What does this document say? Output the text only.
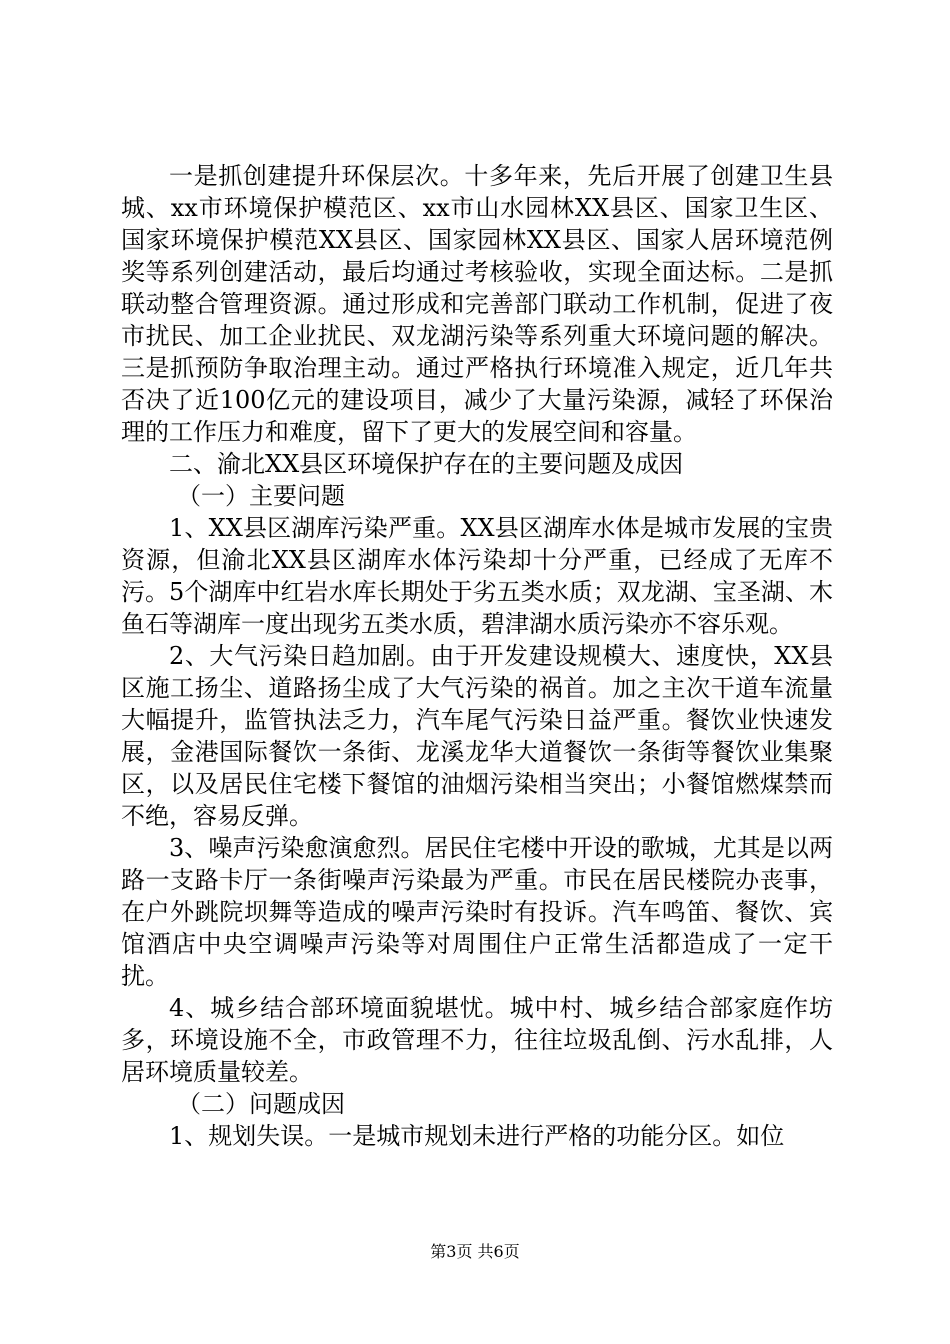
一是抓创建提升环保层次。十多年来，先后开展了创建卫生县城、xx市环境保护模范区、xx市山水园林XX县区、国家卫生区、国家环境保护模范XX县区、国家园林XX县区、国家人居环境范例奖等系列创建活动，最后均通过考核验收，实现全面达标。二是抓联动整合管理资源。通过形成和完善部门联动工作机制，促进了夜市扰民、加工企业扰民、双龙湖污染等系列重大环境问题的解决。三是抓预防争取治理主动。通过严格执行环境准入规定，近几年共否决了近100亿元的建设项目，减少了大量污染源，减轻了环保治理的工作压力和难度，留下了更大的发展空间和容量。

二、渝北XX县区环境保护存在的主要问题及成因

（一）主要问题

1、XX县区湖库污染严重。XX县区湖库水体是城市发展的宝贵资源，但渝北XX县区湖库水体污染却十分严重，已经成了无库不污。5个湖库中红岩水库长期处于劣五类水质；双龙湖、宝圣湖、木鱼石等湖库一度出现劣五类水质，碧津湖水质污染亦不容乐观。

2、大气污染日趋加剧。由于开发建设规模大、速度快，XX县区施工扬尘、道路扬尘成了大气污染的祸首。加之主次干道车流量大幅提升，监管执法乏力，汽车尾气污染日益严重。餐饮业快速发展，金港国际餐饮一条街、龙溪龙华大道餐饮一条街等餐饮业集聚区，以及居民住宅楼下餐馆的油烟污染相当突出；小餐馆燃煤禁而不绝，容易反弹。

3、噪声污染愈演愈烈。居民住宅楼中开设的歌城，尤其是以两路一支路卡厅一条街噪声污染最为严重。市民在居民楼院办丧事，在户外跳院坝舞等造成的噪声污染时有投诉。汽车鸣笛、餐饮、宾馆酒店中央空调噪声污染等对周围住户正常生活都造成了一定干扰。

4、城乡结合部环境面貌堪忧。城中村、城乡结合部家庭作坊多，环境设施不全，市政管理不力，往往垃圾乱倒、污水乱排，人居环境质量较差。

（二）问题成因

1、规划失误。一是城市规划未进行严格的功能分区。如位

第3页 共6页
